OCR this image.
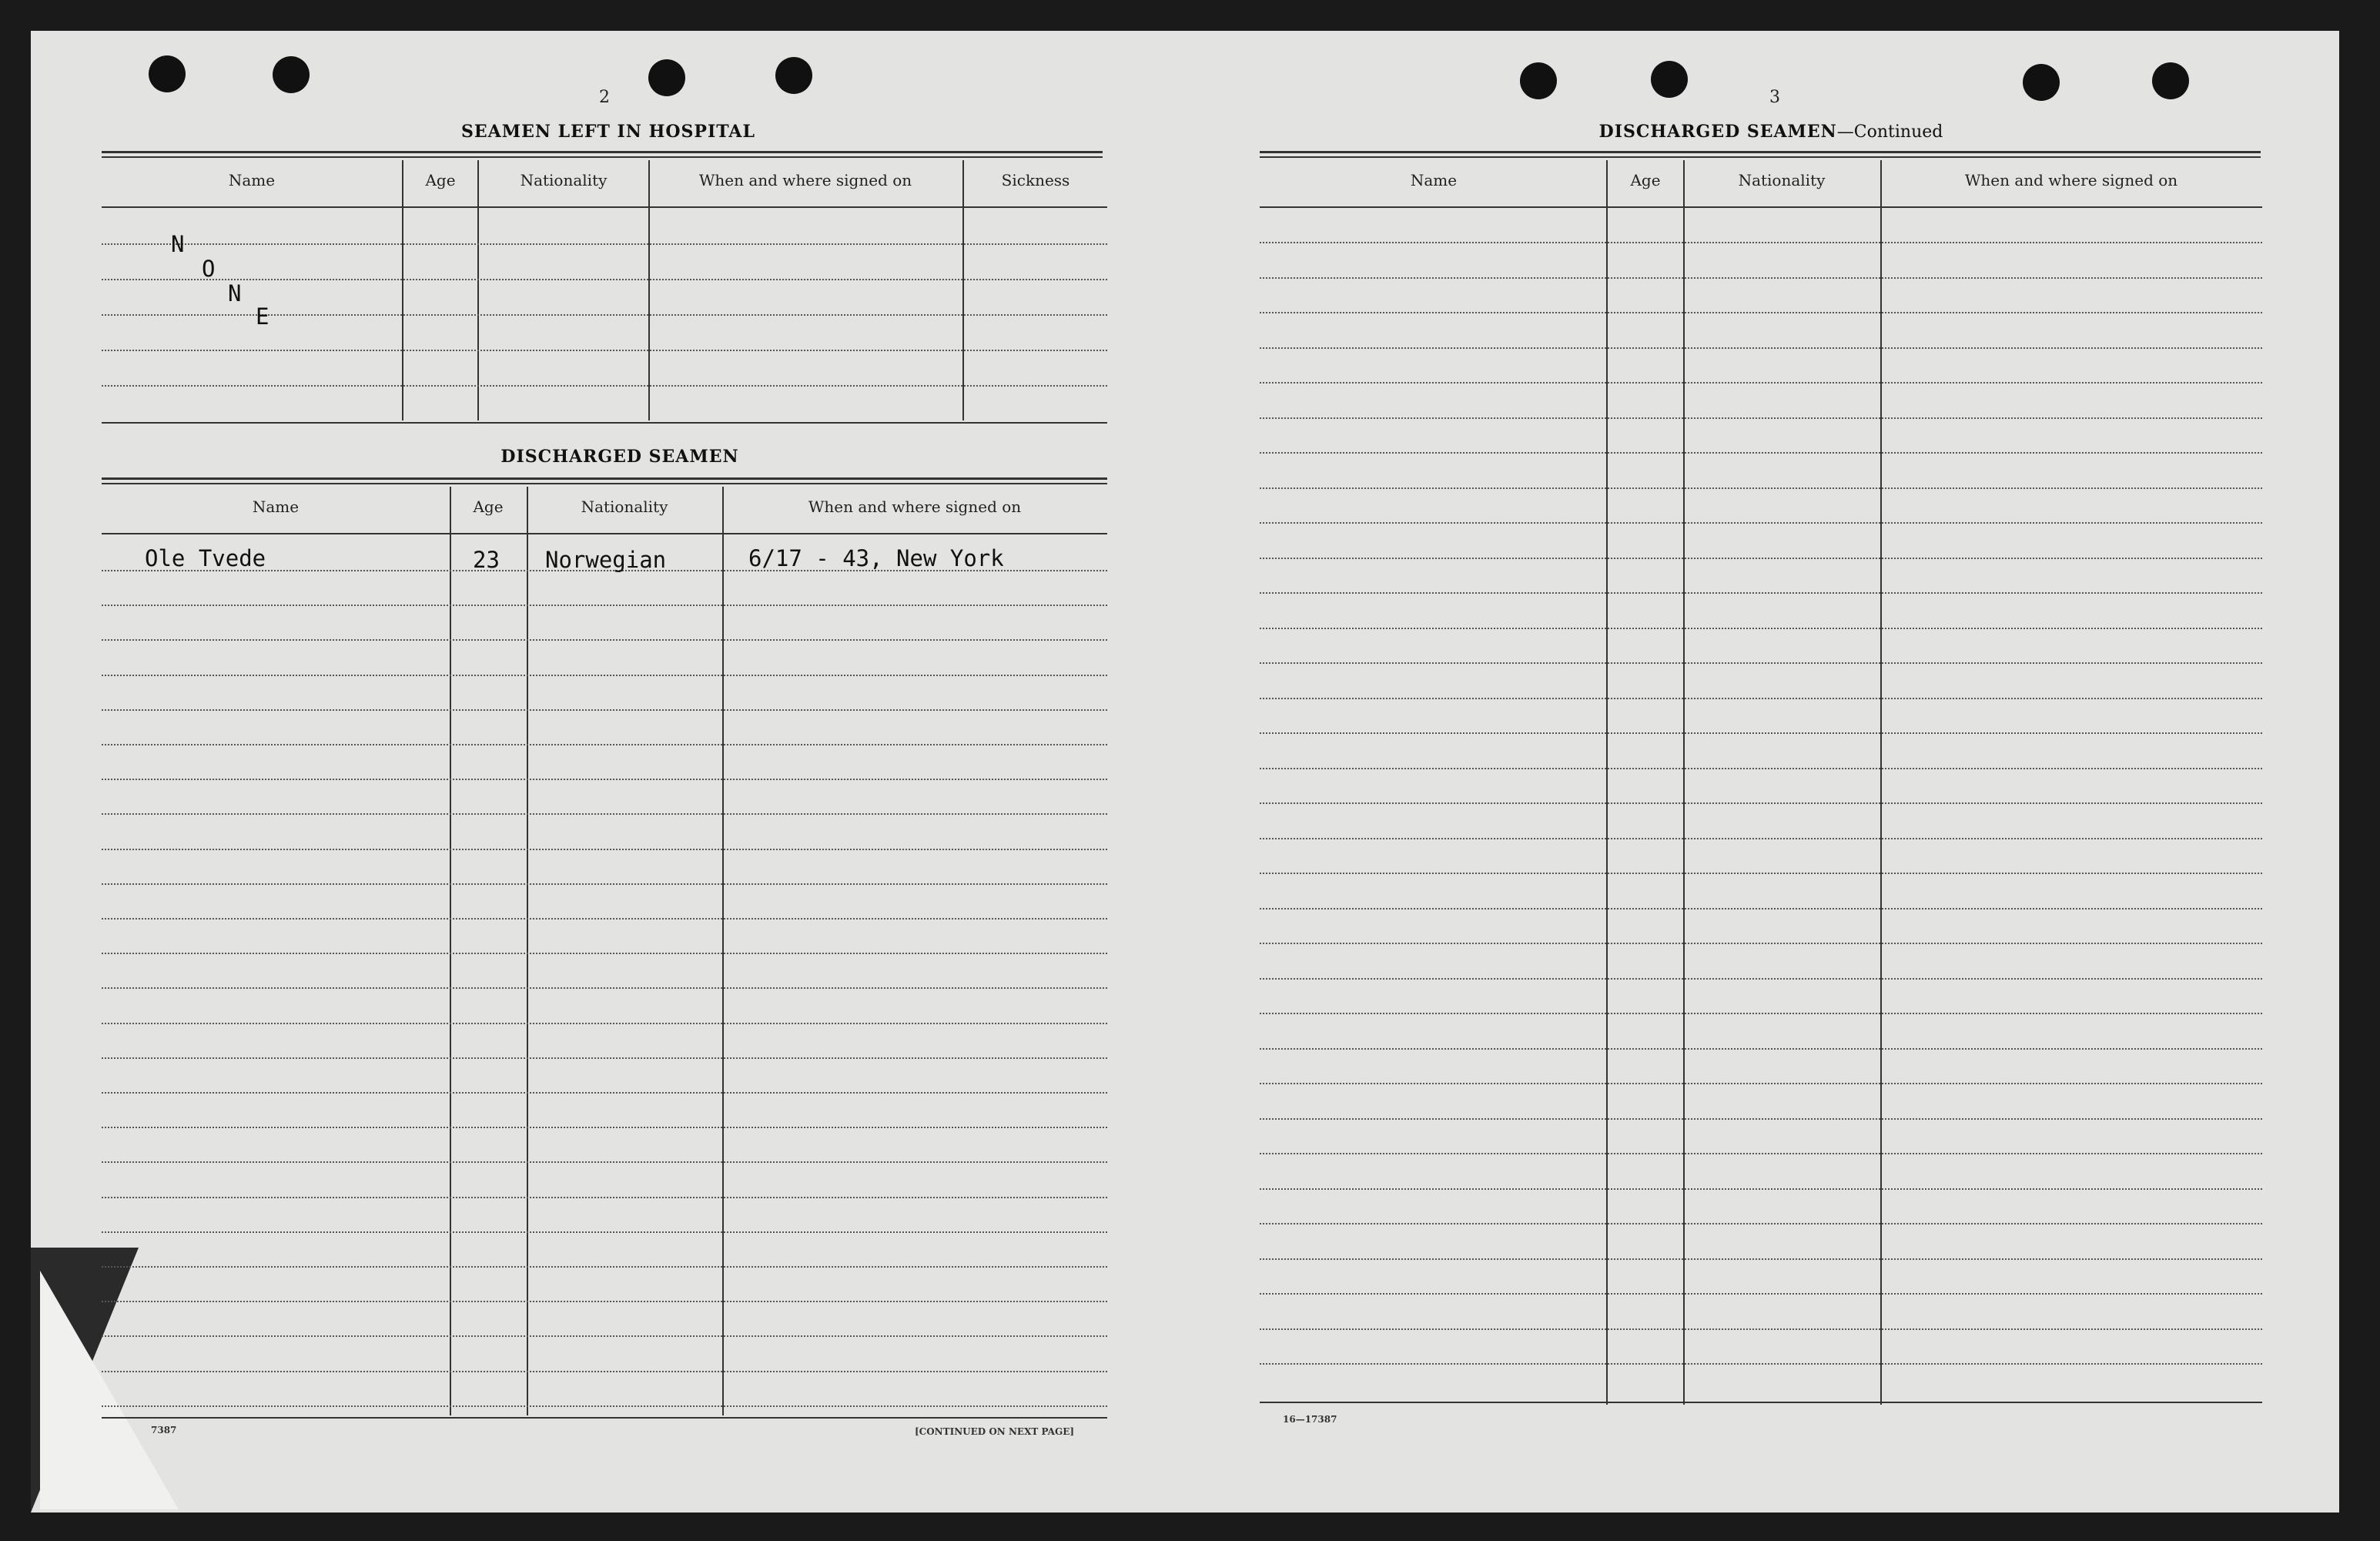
2
SEAMEN LEFT IN HOSPITAL
Name	Age	Nationality	When and where signed on	Sickness
N
O
N
E
DISCHARGED SEAMEN
Name	Age	Nationality	When and where signed on
Ole Tvede	23 Norwegian	6/17 - 43, New York
7387	[CONTINUED ON NEXT PAGE]
3
DISCHARGED SEAMEN—Continued
Name	Age	Nationality	When and where signed on
16—17387
